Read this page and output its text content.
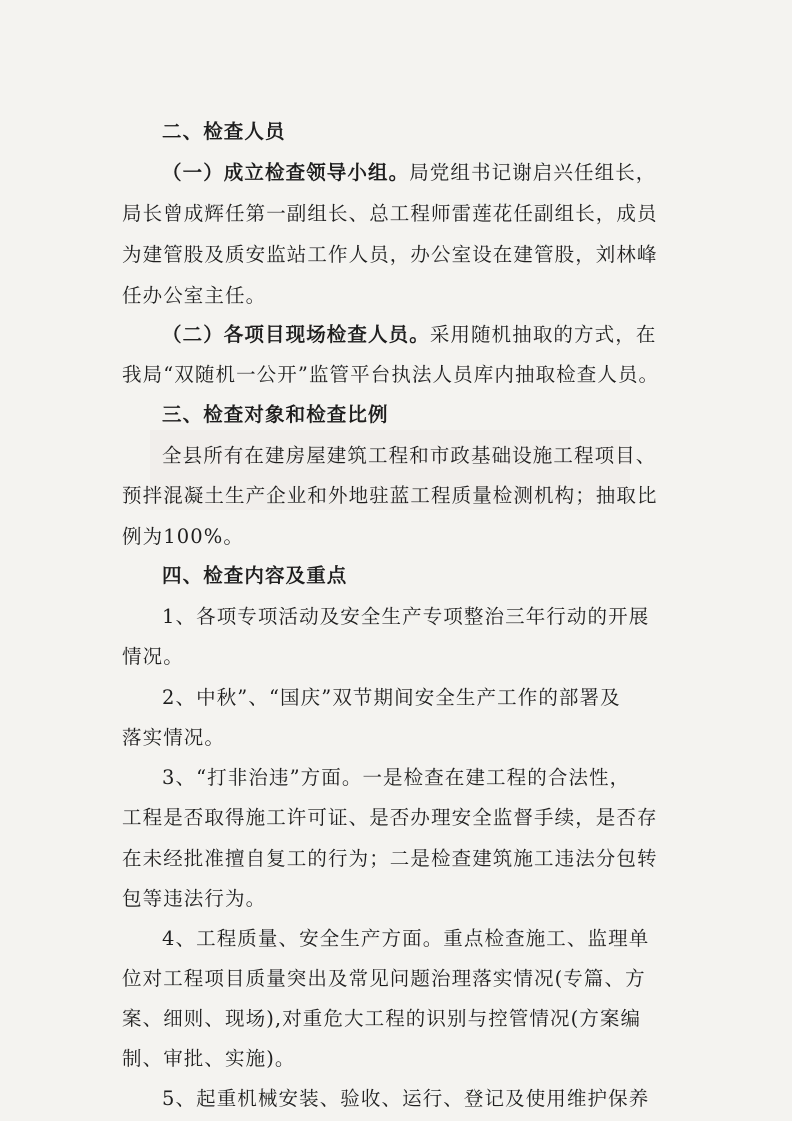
二、检查人员
（一）成立检查领导小组。局党组书记谢启兴任组长，
局长曾成辉任第一副组长、总工程师雷莲花任副组长，成员
为建管股及质安监站工作人员，办公室设在建管股，刘林峰
任办公室主任。
（二）各项目现场检查人员。采用随机抽取的方式，在
我局“双随机一公开”监管平台执法人员库内抽取检查人员。
三、检查对象和检查比例
全县所有在建房屋建筑工程和市政基础设施工程项目、
预拌混凝土生产企业和外地驻蓝工程质量检测机构；抽取比
例为100%。
四、检查内容及重点
1、各项专项活动及安全生产专项整治三年行动的开展
情况。
2、中秋”、“国庆”双节期间安全生产工作的部署及
落实情况。
3、“打非治违”方面。一是检查在建工程的合法性，
工程是否取得施工许可证、是否办理安全监督手续，是否存
在未经批准擅自复工的行为；二是检查建筑施工违法分包转
包等违法行为。
4、工程质量、安全生产方面。重点检查施工、监理单
位对工程项目质量突出及常见问题治理落实情况(专篇、方
案、细则、现场),对重危大工程的识别与控管情况(方案编
制、审批、实施)。
5、起重机械安装、验收、运行、登记及使用维护保养
